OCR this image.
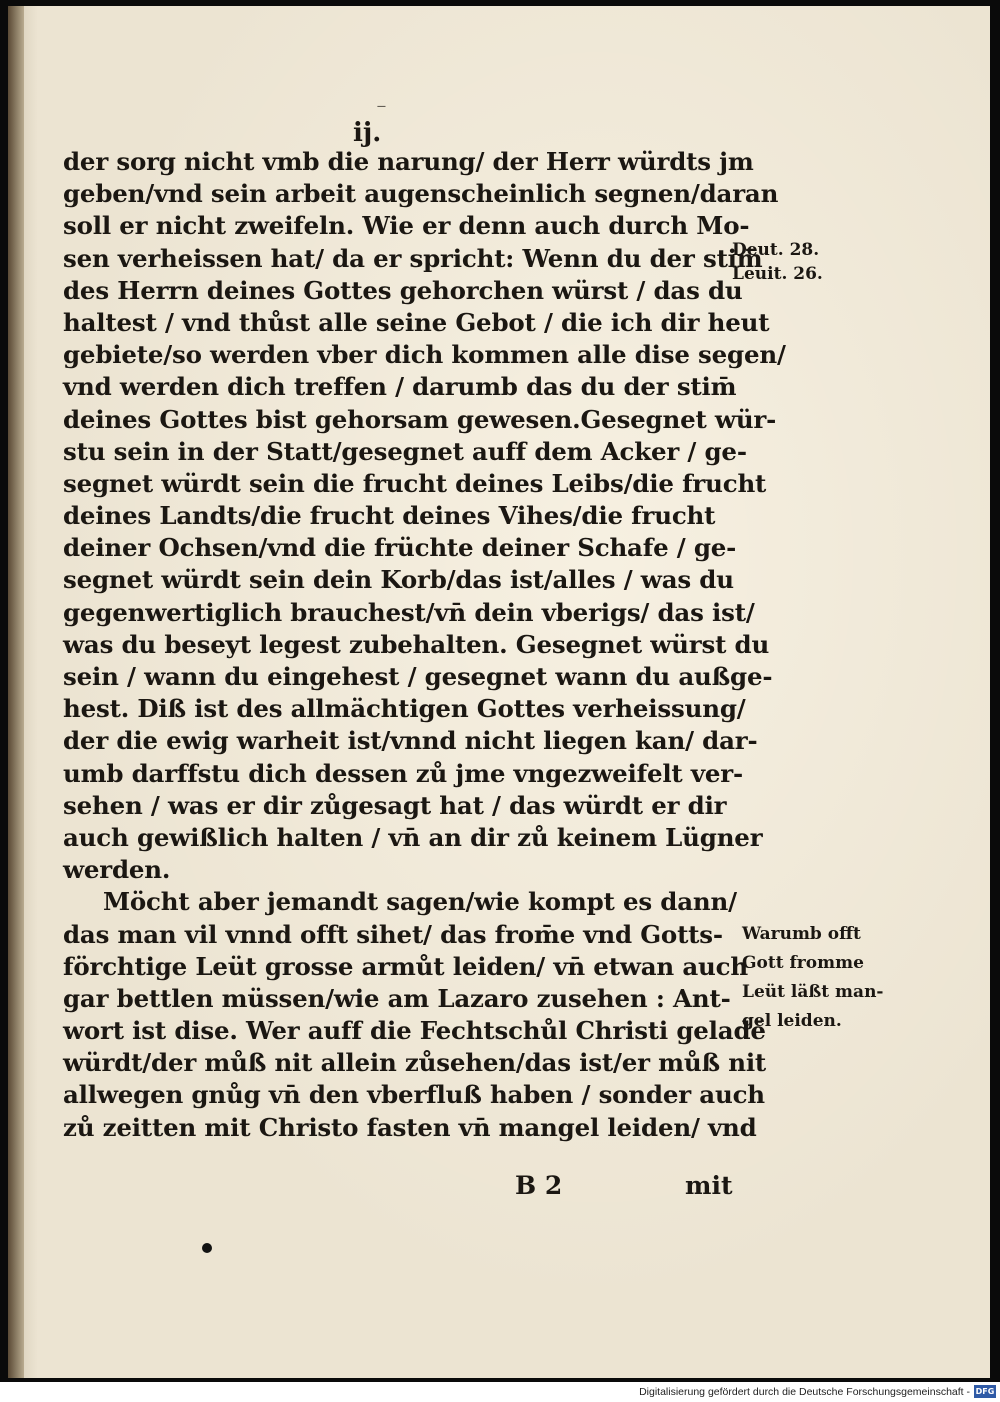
ij.
der sorg nicht vmb die narung/ der Herr würdts jm
geben/vnd sein arbeit augenscheinlich segnen/daran
soll er nicht zweifeln. Wie er denn auch durch Mo-
sen verheissen hat/ da er spricht: Wenn du der stim̄
des Herrn deines Gottes gehorchen würst / das du
haltest / vnd thůst alle seine Gebot / die ich dir heut
gebiete/so werden vber dich kommen alle dise segen/
vnd werden dich treffen / darumb das du der stim̄
deines Gottes bist gehorsam gewesen.Gesegnet wür-
stu sein in der Statt/gesegnet auff dem Acker / ge-
segnet würdt sein die frucht deines Leibs/die frucht
deines Landts/die frucht deines Vihes/die frucht
deiner Ochsen/vnd die früchte deiner Schafe / ge-
segnet würdt sein dein Korb/das ist/alles / was du
gegenwertiglich brauchest/vn̄ dein vberigs/ das ist/
was du beseyt legest zubehalten. Gesegnet würst du
sein / wann du eingehest / gesegnet wann du außge-
hest. Diß ist des allmächtigen Gottes verheissung/
der die ewig warheit ist/vnnd nicht liegen kan/ dar-
umb darffstu dich dessen zů jme vngezweifelt ver-
sehen / was er dir zůgesagt hat / das würdt er dir
auch gewißlich halten / vn̄ an dir zů keinem Lügner
werden.
Möcht aber jemandt sagen/wie kompt es dann/
das man vil vnnd offt sihet/ das from̄e vnd Gotts-
förchtige Leüt grosse armůt leiden/ vn̄ etwan auch
gar bettlen müssen/wie am Lazaro zusehen : Ant-
wort ist dise. Wer auff die Fechtschůl Christi geladē
würdt/der můß nit allein zůsehen/das ist/er můß nit
allwegen gnůg vn̄ den vberfluß haben / sonder auch
zů zeitten mit Christo fasten vn̄ mangel leiden/ vnd
B 2	mit
Deut. 28.
Leuit. 26.
Warumb offt
Gott fromme
Leüt läßt man-
gel leiden.
Digitalisierung gefördert durch die Deutsche Forschungsgemeinschaft - DFG
